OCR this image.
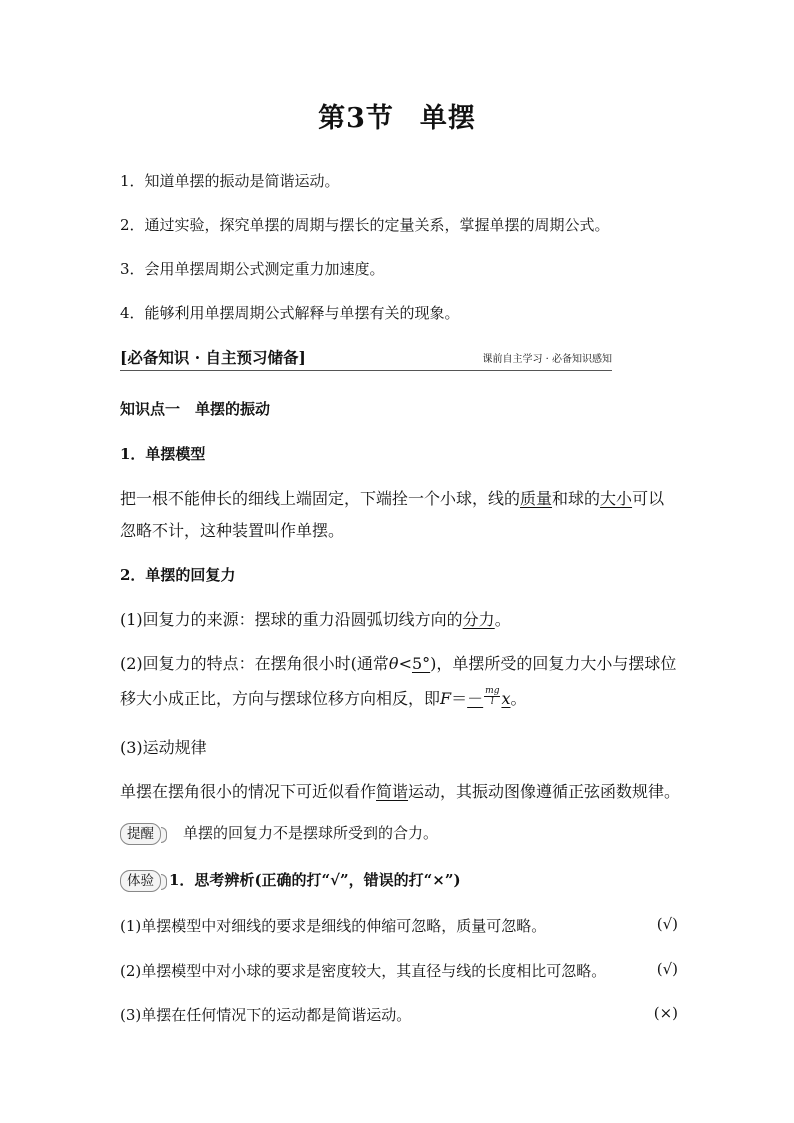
第3节 单摆
1．知道单摆的振动是简谐运动。
2．通过实验，探究单摆的周期与摆长的定量关系，掌握单摆的周期公式。
3．会用单摆周期公式测定重力加速度。
4．能够利用单摆周期公式解释与单摆有关的现象。
[必备知识 · 自主预习储备]	课前自主学习 · 必备知识感知
知识点一　单摆的振动
1．单摆模型
把一根不能伸长的细线上端固定，下端拴一个小球，线的质量和球的大小可以
忽略不计，这种装置叫作单摆。
2．单摆的回复力
(1)回复力的来源：摆球的重力沿圆弧切线方向的分力。
(2)回复力的特点：在摆角很小时(通常θ<5°)，单摆所受的回复力大小与摆球位
移大小成正比，方向与摆球位移方向相反，即$F=- \frac{mg}{l}$ x。
(3)运动规律
单摆在摆角很小的情况下可近似看作简谐运动，其振动图像遵循正弦函数规律。
提醒 单摆的回复力不是摆球所受到的合力。
体验 1．思考辨析(正确的打“√”，错误的打“×”)
(1)单摆模型中对细线的要求是细线的伸缩可忽略，质量可忽略。	(√)
(2)单摆模型中对小球的要求是密度较大，其直径与线的长度相比可忽略。	(√)
(3)单摆在任何情况下的运动都是简谐运动。	(×)
